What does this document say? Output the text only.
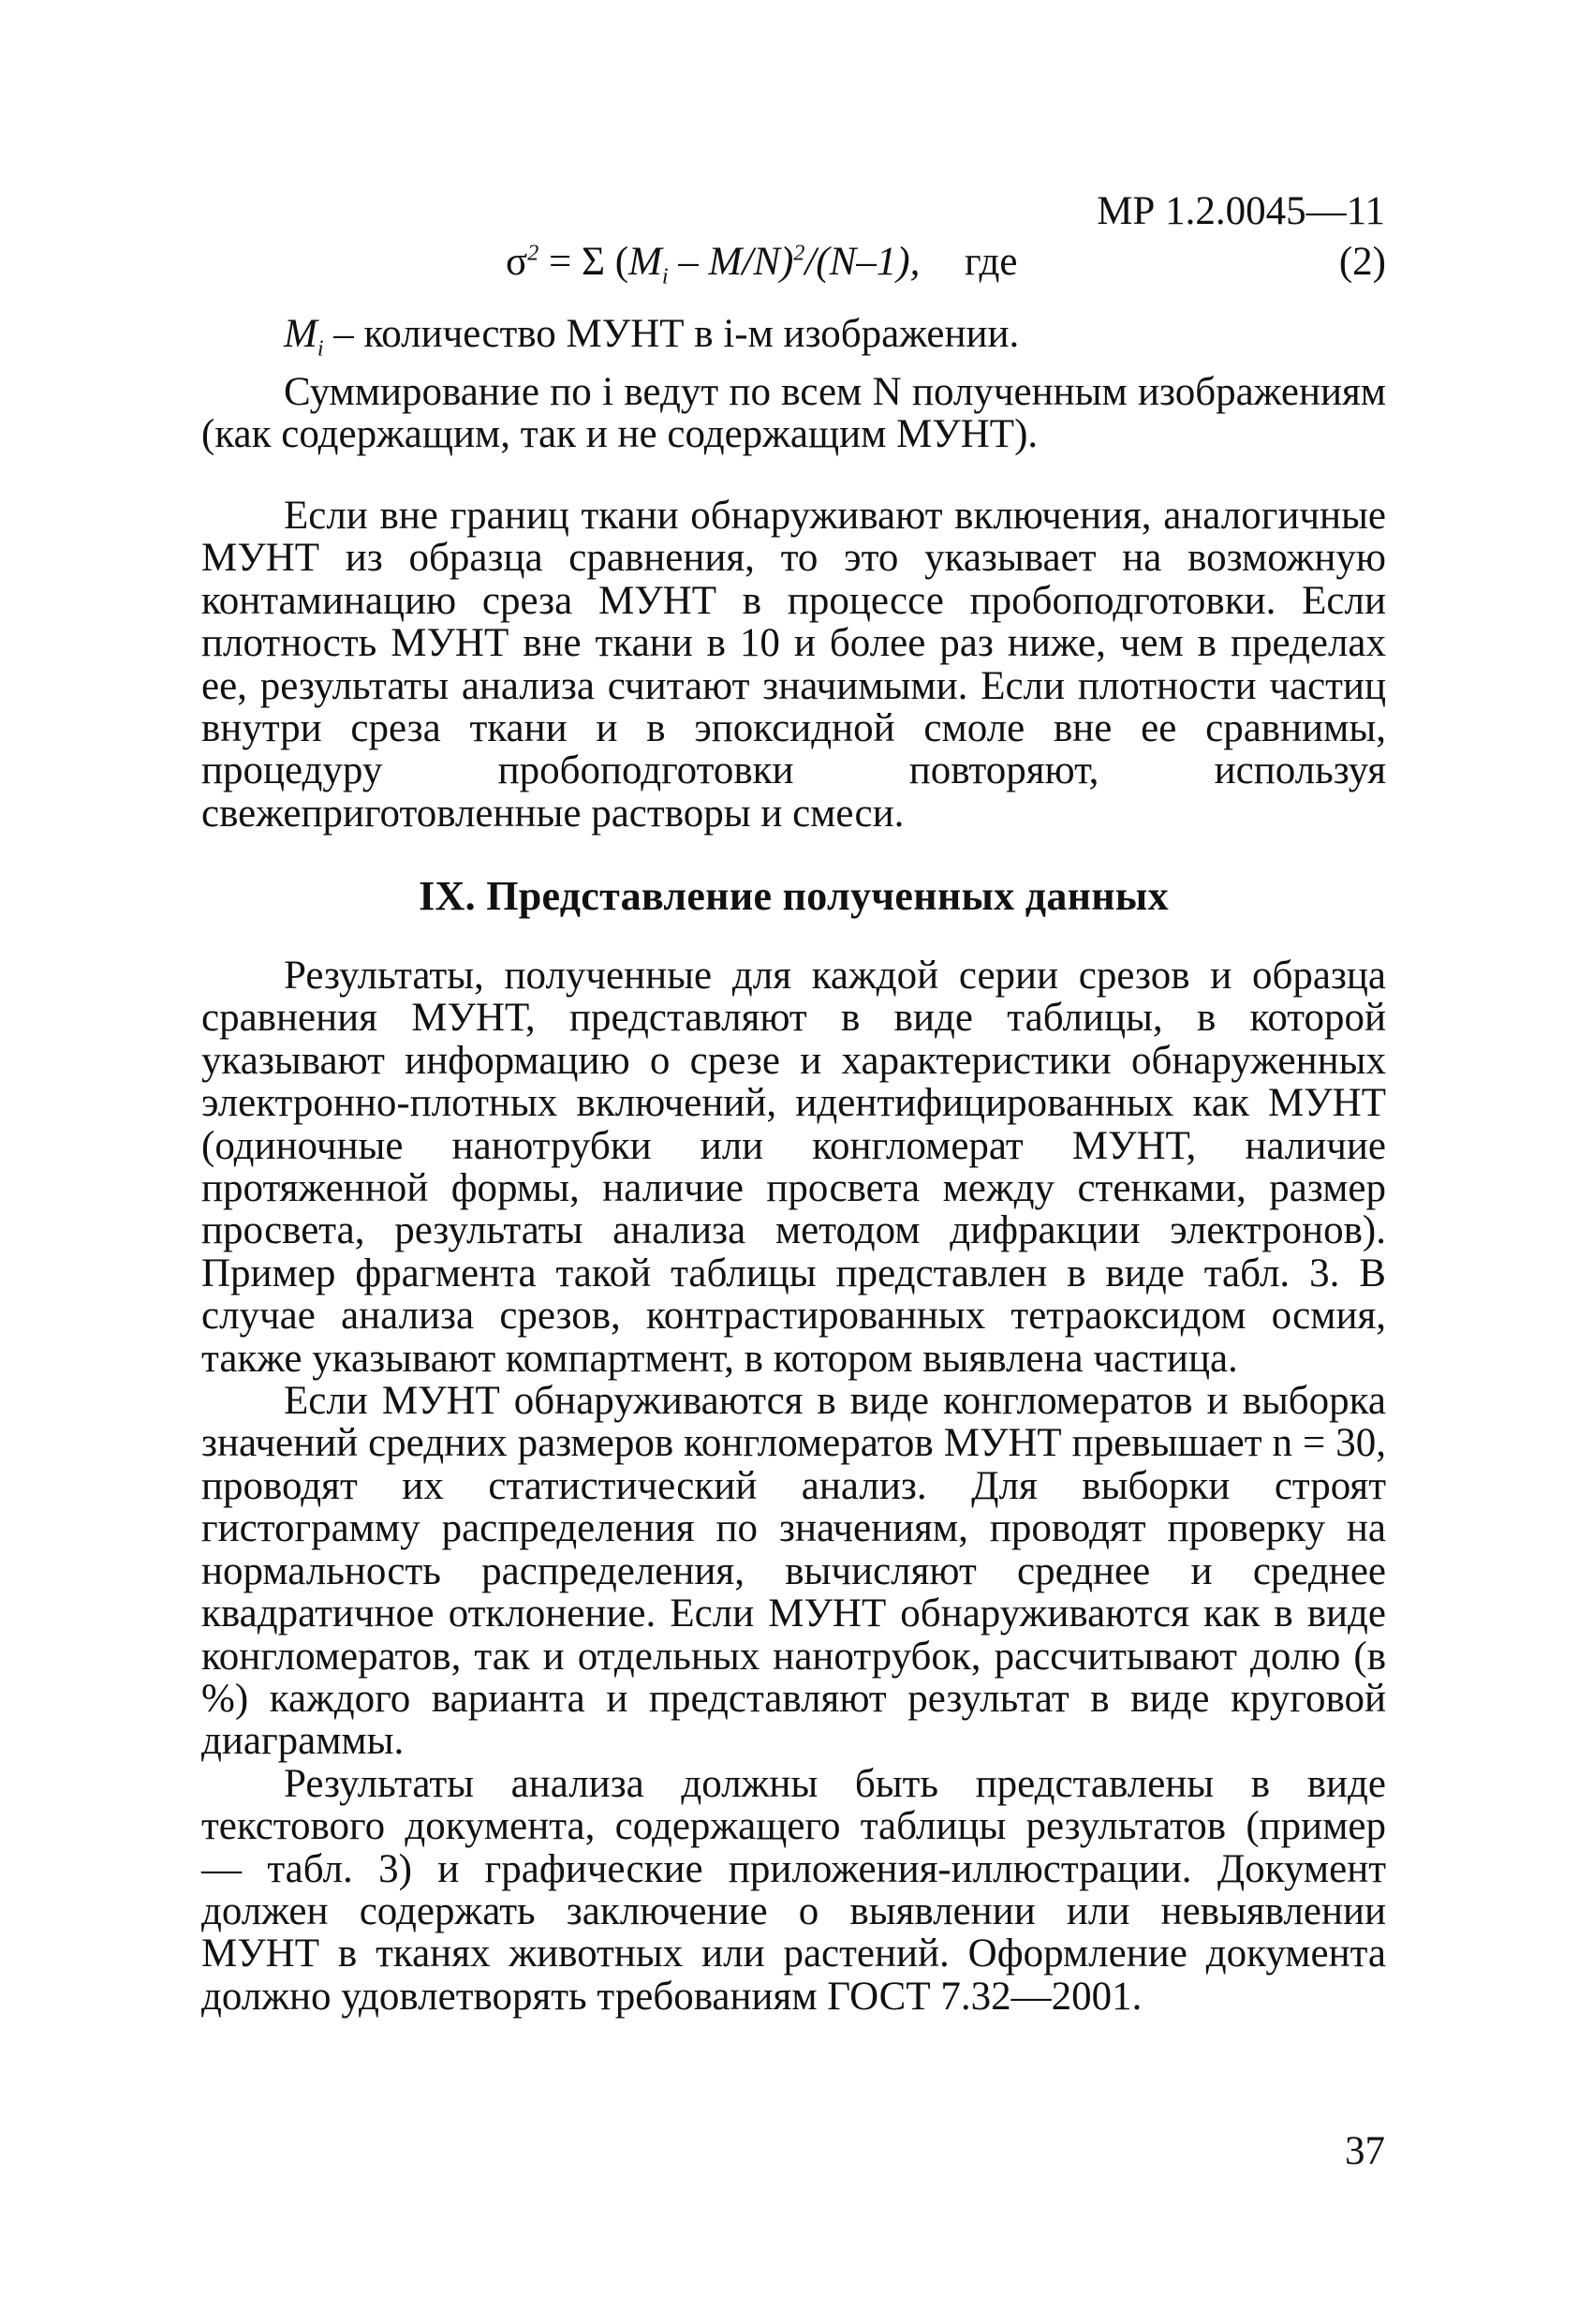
МР 1.2.0045—11
$\sigma^2 = \Sigma$ $(M_i - M/N)^2/(N-1)$, где	(2)

$M_i$ – количество МУНТ в i-м изображении.

Суммирование по i ведут по всем N полученным изображениям (как содержащим, так и не содержащим МУНТ).

Если вне границ ткани обнаруживают включения, аналогичные МУНТ из образца сравнения, то это указывает на возможную контаминацию среза МУНТ в процессе пробоподготовки. Если плотность МУНТ вне ткани в 10 и более раз ниже, чем в пределах ее, результаты анализа считают значимыми. Если плотности частиц внутри среза ткани и в эпоксидной смоле вне ее сравнимы, процедуру пробоподготовки повторяют, используя свежеприготовленные растворы и смеси.

IX. Представление полученных данных

Результаты, полученные для каждой серии срезов и образца сравнения МУНТ, представляют в виде таблицы, в которой указывают информацию о срезе и характеристики обнаруженных электронно-плотных включений, идентифицированных как МУНТ (одиночные нанотрубки или конгломерат МУНТ, наличие протяженной формы, наличие просвета между стенками, размер просвета, результаты анализа методом дифракции электронов). Пример фрагмента такой таблицы представлен в виде табл. 3. В случае анализа срезов, контрастированных тетраоксидом осмия, также указывают компартмент, в котором выявлена частица.

Если МУНТ обнаруживаются в виде конгломератов и выборка значений средних размеров конгломератов МУНТ превышает n = 30, проводят их статистический анализ. Для выборки строят гистограмму распределения по значениям, проводят проверку на нормальность распределения, вычисляют среднее и среднее квадратичное отклонение. Если МУНТ обнаруживаются как в виде конгломератов, так и отдельных нанотрубок, рассчитывают долю (в %) каждого варианта и представляют результат в виде круговой диаграммы.

Результаты анализа должны быть представлены в виде текстового документа, содержащего таблицы результатов (пример — табл. 3) и графические приложения-иллюстрации. Документ должен содержать заключение о выявлении или невыявлении МУНТ в тканях животных или растений. Оформление документа должно удовлетворять требованиям ГОСТ 7.32—2001.

37
